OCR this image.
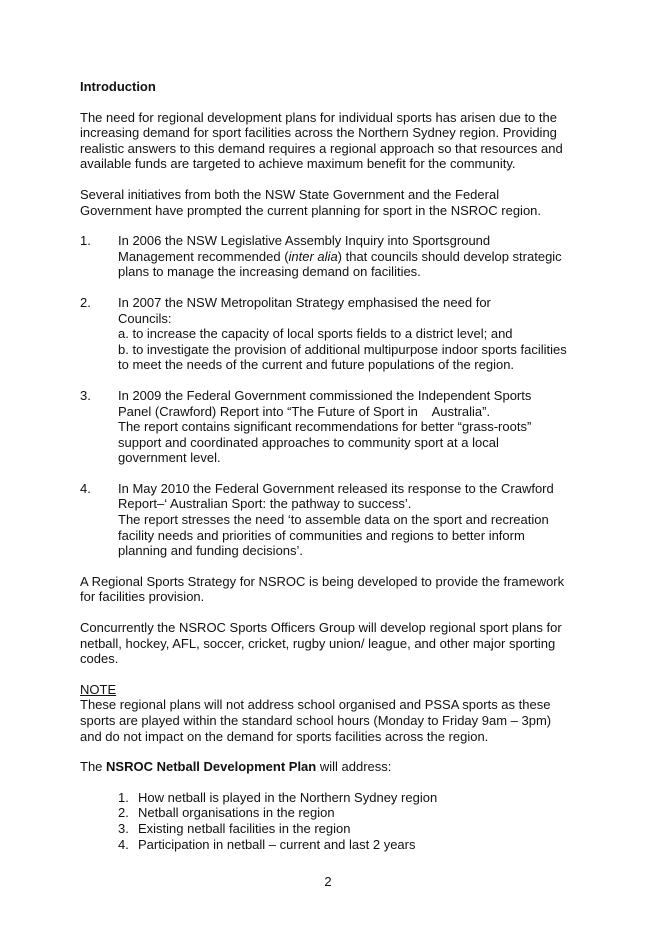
Introduction

The need for regional development plans for individual sports has arisen due to the
increasing demand for sport facilities across the Northern Sydney region. Providing
realistic answers to this demand requires a regional approach so that resources and
available funds are targeted to achieve maximum benefit for the community.

Several initiatives from both the NSW State Government and the Federal
Government have prompted the current planning for sport in the NSROC region.

1.	In 2006 the NSW Legislative Assembly Inquiry into Sportsground
Management recommended (inter alia) that councils should develop strategic
plans to manage the increasing demand on facilities.
2.	In 2007 the NSW Metropolitan Strategy emphasised the need for
Councils:
a. to increase the capacity of local sports fields to a district level; and
b. to investigate the provision of additional multipurpose indoor sports facilities
to meet the needs of the current and future populations of the region.
3.	In 2009 the Federal Government commissioned the Independent Sports
Panel (Crawford) Report into “The Future of Sport in    Australia”.
The report contains significant recommendations for better “grass-roots”
support and coordinated approaches to community sport at a local
government level.
4.	In May 2010 the Federal Government released its response to the Crawford
Report–‘ Australian Sport: the pathway to success’.
The report stresses the need ‘to assemble data on the sport and recreation
facility needs and priorities of communities and regions to better inform
planning and funding decisions’.

A Regional Sports Strategy for NSROC is being developed to provide the framework
for facilities provision.

Concurrently the NSROC Sports Officers Group will develop regional sport plans for
netball, hockey, AFL, soccer, cricket, rugby union/ league, and other major sporting
codes.

NOTE
These regional plans will not address school organised and PSSA sports as these
sports are played within the standard school hours (Monday to Friday 9am – 3pm)
and do not impact on the demand for sports facilities across the region.

The NSROC Netball Development Plan will address:

1. How netball is played in the Northern Sydney region
2. Netball organisations in the region
3. Existing netball facilities in the region
4. Participation in netball – current and last 2 years
2
